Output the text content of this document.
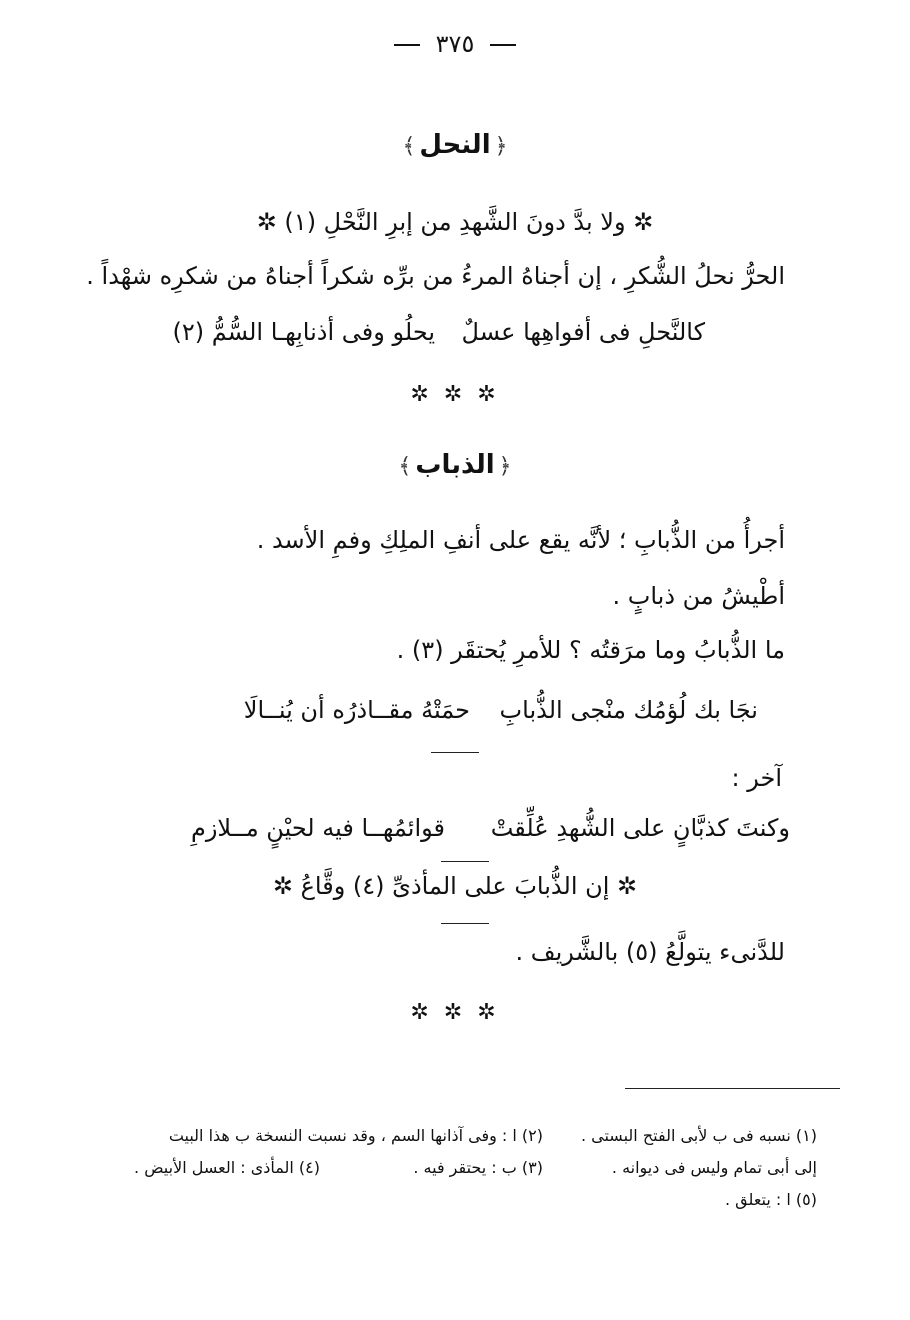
٣٧٥
﴿النحل﴾
✲ ولا بدَّ دونَ الشَّهدِ من إبرِ النَّحْلِ (١) ✲
الحرُّ نحلُ الشُّكرِ ، إن أجناهُ المرءُ من برِّه شكراً أجناهُ من شكرِه شهْداً .
كالنَّحلِ فى أفواهِها عسلٌ
يحلُو وفى أذنابِهـا السُّمُّ (٢)
✲ ✲ ✲
﴿الذباب﴾
أجرأُ من الذُّبابِ ؛ لأنَّه يقع على أنفِ الملِكِ وفمِ الأسد .
أطْيشُ من ذبابٍ .
ما الذُّبابُ وما مرَقتُه ؟ للأمرِ يُحتقَر (٣) .
نجَا بك لُؤمُك منْجى الذُّبابِ
حمَتْهُ مقــاذرُه أن يُنــالَا
آخر :
وكنتَ كذبَّانٍ على الشُّهدِ عُلِّقتْ
قوائمُهــا فيه لحيْنٍ مــلازمِ
✲ إن الذُّبابَ على المأذىِّ (٤) وقَّاعُ ✲
للدَّنىء يتولَّعُ (٥) بالشَّريف .
✲ ✲ ✲
(١) نسبه فى ب لأبى الفتح البستى .
(٢) ا : وفى آذانها السم ، وقد نسبت النسخة ب هذا البيت
إلى أبى تمام وليس فى ديوانه .
(٣) ب : يحتقر فيه .
(٤) المأذى : العسل الأبيض .
(٥) ا : يتعلق .
